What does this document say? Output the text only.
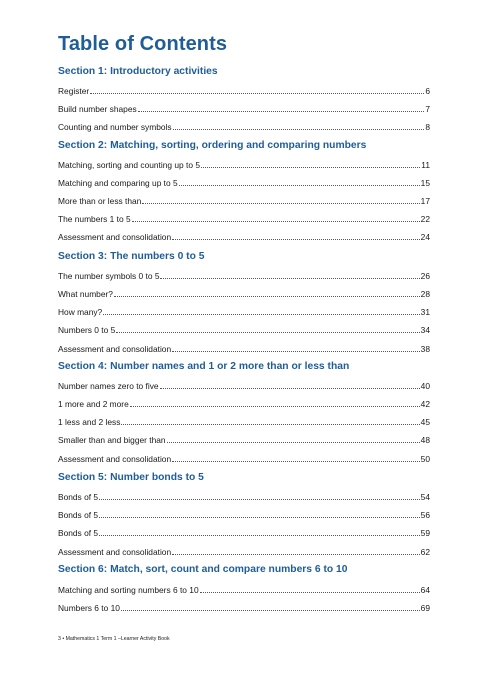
Table of Contents
Section 1: Introductory activities
Register	6
Build number shapes	7
Counting and number symbols	8
Section 2: Matching, sorting, ordering and comparing numbers
Matching, sorting and counting up to 5	11
Matching and comparing up to 5	15
More than or less than	17
The numbers 1 to 5	22
Assessment and consolidation	24
Section 3: The numbers 0 to 5
The number symbols 0 to 5	26
What number?	28
How many?	31
Numbers 0 to 5	34
Assessment and consolidation	38
Section 4: Number names and 1 or 2 more than or less than
Number names zero to five	40
1 more and 2 more	42
1 less and 2 less	45
Smaller than and bigger than	48
Assessment and consolidation	50
Section 5: Number bonds to 5
Bonds of 5	54
Bonds of 5	56
Bonds of 5	59
Assessment and consolidation	62
Section 6: Match, sort, count and compare numbers 6 to 10
Matching and sorting numbers 6 to 10	64
Numbers 6 to 10	69
3 • Mathematics 1 Term 1 –Learner Activity Book
